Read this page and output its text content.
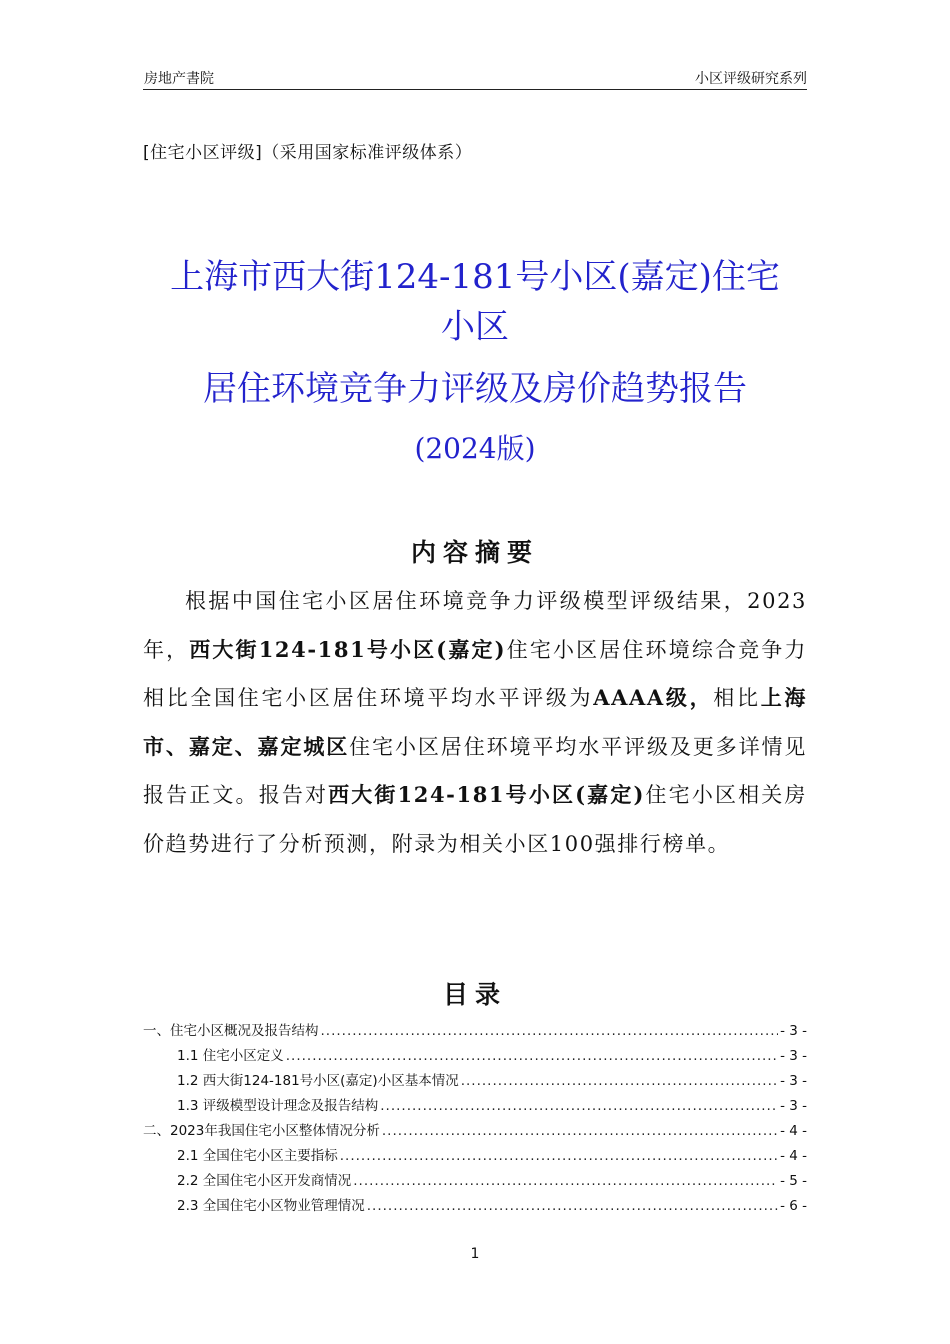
房地产書院	小区评级研究系列
[住宅小区评级]（采用国家标准评级体系）
上海市西大街124-181号小区(嘉定)住宅
小区
居住环境竞争力评级及房价趋势报告
(2024版)
内容摘要
根据中国住宅小区居住环境竞争力评级模型评级结果，2023年，西大街124-181号小区(嘉定)住宅小区居住环境综合竞争力相比全国住宅小区居住环境平均水平评级为AAAA级，相比上海市、嘉定、嘉定城区住宅小区居住环境平均水平评级及更多详情见报告正文。报告对西大街124-181号小区(嘉定)住宅小区相关房价趋势进行了分析预测，附录为相关小区100强排行榜单。
目录
一、住宅小区概况及报告结构 .....	- 3 -
1.1 住宅小区定义 .....	- 3 -
1.2 西大街124-181号小区(嘉定)小区基本情况 .....	- 3 -
1.3 评级模型设计理念及报告结构 .....	- 3 -
二、2023年我国住宅小区整体情况分析 .....	- 4 -
2.1 全国住宅小区主要指标 .....	- 4 -
2.2 全国住宅小区开发商情况 .....	- 5 -
2.3 全国住宅小区物业管理情况 .....	- 6 -
1
